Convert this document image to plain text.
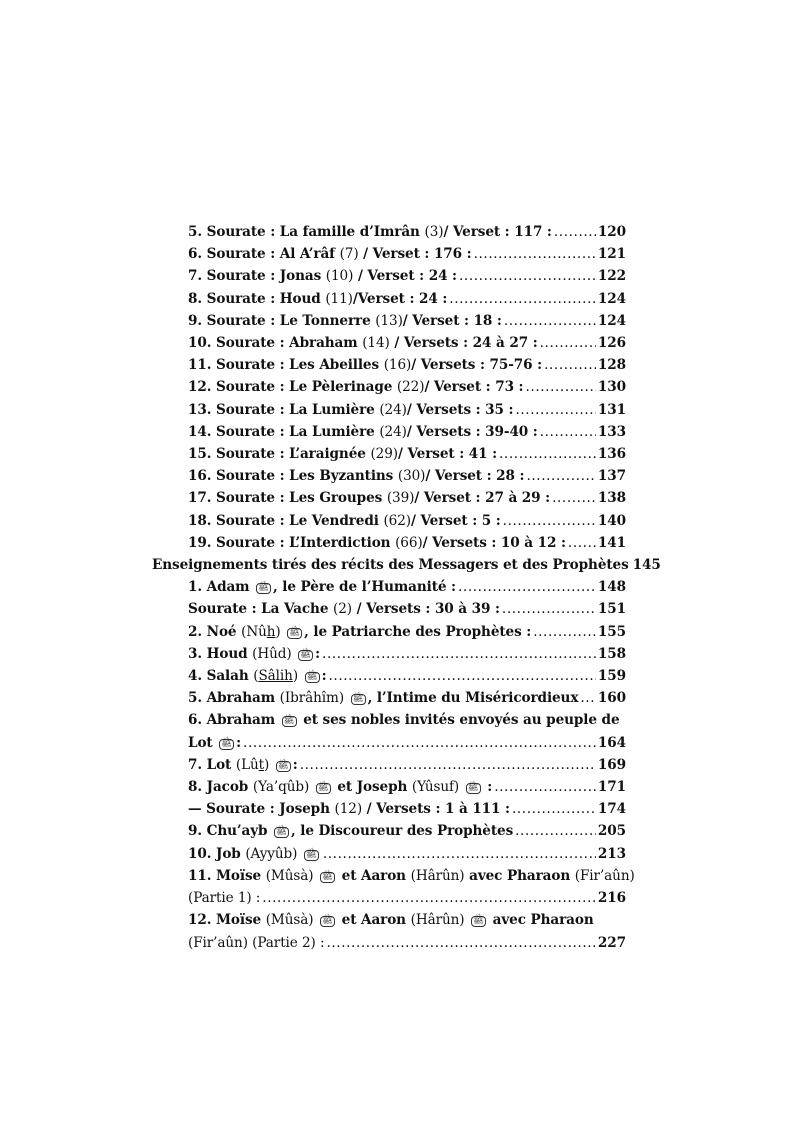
5. Sourate : La famille d’Imrân (3)/ Verset : 117 : .....	120
6. Sourate : Al A’râf (7) / Verset : 176 : .....	121
7. Sourate : Jonas (10) / Verset : 24 : .....	122
8. Sourate : Houd (11)/Verset : 24 : .....	124
9. Sourate : Le Tonnerre (13)/ Verset : 18 : .....	124
10. Sourate : Abraham (14) / Versets : 24 à 27 : .....	126
11. Sourate : Les Abeilles (16)/ Versets : 75-76 : .....	128
12. Sourate : Le Pèlerinage (22)/ Verset : 73 : .....	130
13. Sourate : La Lumière (24)/ Versets : 35 : .....	131
14. Sourate : La Lumière (24)/ Versets : 39-40 : .....	133
15. Sourate : L’araignée (29)/ Verset : 41 : .....	136
16. Sourate : Les Byzantins (30)/ Verset : 28 : .....	137
17. Sourate : Les Groupes (39)/ Verset : 27 à 29 : .....	138
18. Sourate : Le Vendredi (62)/ Verset : 5 : .....	140
19. Sourate : L’Interdiction (66)/ Versets : 10 à 12 : ..... 141
Enseignements tirés des récits des Messagers et des Prophètes 145
1. Adam ﷺ , le Père de l’Humanité : .....	148
Sourate : La Vache (2) / Versets : 30 à 39 : .....	151
2. Noé (Nûh) ﷺ , le Patriarche des Prophètes : .....	155
3. Houd (Hûd) ﷺ : .....	158
4. Salah (Sâlih) ﷺ : .....	159
5. Abraham (Ibrâhîm) ﷺ , l’Intime du Miséricordieux ..... 160
6. Abraham ﷺ et ses nobles invités envoyés au peuple de
Lot ﷺ : .....	164
7. Lot (Lût) ﷺ : .....	169
8. Jacob (Ya’qûb) ﷺ et Joseph (Yûsuf) ﷺ : .....	171
— Sourate : Joseph (12) / Versets : 1 à 111 : .....	174
9. Chu’ayb ﷺ , le Discoureur des Prophètes .....	205
10. Job (Ayyûb) ﷺ .....	213
11. Moïse (Mûsà) ﷺ et Aaron (Hârûn) avec Pharaon (Fir’aûn)
(Partie 1) : .....	216
12. Moïse (Mûsà) ﷺ et Aaron (Hârûn) ﷺ avec Pharaon
(Fir’aûn) (Partie 2) : .....	227
